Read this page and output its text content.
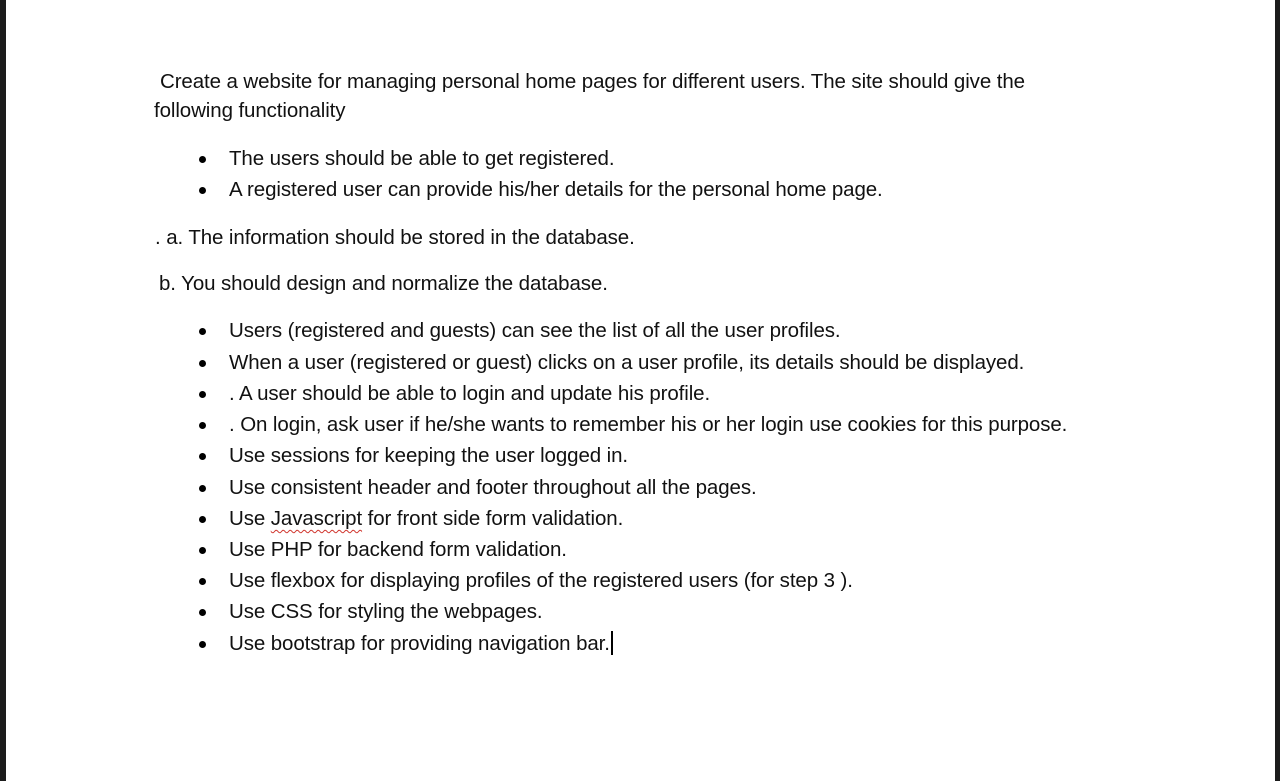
Create a website for managing personal home pages for different users. The site should give the
following functionality
The users should be able to get registered.
A registered user can provide his/her details for the personal home page.
. a. The information should be stored in the database.
b. You should design and normalize the database.
Users (registered and guests) can see the list of all the user profiles.
When a user (registered or guest) clicks on a user profile, its details should be displayed.
. A user should be able to login and update his profile.
. On login, ask user if he/she wants to remember his or her login use cookies for this purpose.
Use sessions for keeping the user logged in.
Use consistent header and footer throughout all the pages.
Use Javascript for front side form validation.
Use PHP for backend form validation.
Use flexbox for displaying profiles of the registered users (for step 3 ).
Use CSS for styling the webpages.
Use bootstrap for providing navigation bar.
